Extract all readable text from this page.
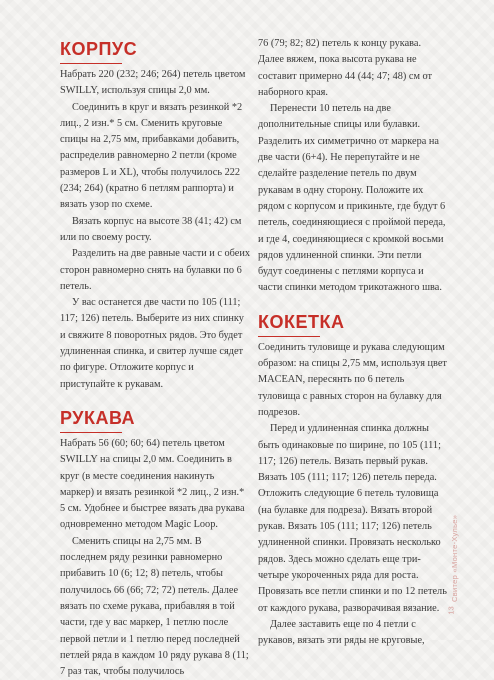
КОРПУС

Набрать 220 (232; 246; 264) петель цветом SWILLY, используя спицы 2,0 мм.

Соединить в круг и вязать резинкой *2 лиц., 2 изн.* 5 см. Сменить круговые спицы на 2,75 мм, прибавками добавить, распределив равномерно 2 петли (кроме размеров L и XL), чтобы получилось 222 (234; 264) (кратно 6 петлям раппорта) и вязать узор по схеме.

Вязать корпус на высоте 38 (41; 42) см или по своему росту.

Разделить на две равные части и с обеих сторон равномерно снять на булавки по 6 петель.

У вас останется две части по 105 (111; 117; 126) петель. Выберите из них спинку и свяжите 8 поворотных рядов. Это будет удлиненная спинка, и свитер лучше сядет по фигуре. Отложите корпус и приступайте к рукавам.

РУКАВА

Набрать 56 (60; 60; 64) петель цветом SWILLY на спицы 2,0 мм. Соединить в круг (в месте соединения накинуть маркер) и вязать резинкой *2 лиц., 2 изн.* 5 см. Удобнее и быстрее вязать два рукава одновременно методом Magic Loop.

Сменить спицы на 2,75 мм. В последнем ряду резинки равномерно прибавить 10 (6; 12; 8) петель, чтобы получилось 66 (66; 72; 72) петель. Далее вязать по схеме рукава, прибавляя в той части, где у вас маркер, 1 петлю после первой петли и 1 петлю перед последней петлей ряда в каждом 10 ряду рукава 8 (11; 7 раз так, чтобы получилось

76 (79; 82; 82) петель к концу рукава. Далее вяжем, пока высота рукава не составит примерно 44 (44; 47; 48) см от наборного края.

Перенести 10 петель на две дополнительные спицы или булавки. Разделить их симметрично от маркера на две части (6+4). Не перепутайте и не сделайте разделение петель по двум рукавам в одну сторону. Положите их рядом с корпусом и прикиньте, где будут 6 петель, соединяющиеся с проймой переда, и где 4, соединяющиеся с кромкой восьми рядов удлиненной спинки. Эти петли будут соединены с петлями корпуса и части спинки методом трикотажного шва.

КОКЕТКА

Соединить туловище и рукава следующим образом: на спицы 2,75 мм, используя цвет MACEAN, пересянть по 6 петель туловища с равных сторон на булавку для подрезов.

Перед и удлиненная спинка должны быть одинаковые по ширине, по 105 (111; 117; 126) петель. Вязать первый рукав. Вязать 105 (111; 117; 126) петель переда. Отложить следующие 6 петель туловища (на булавке для подреза). Вязать второй рукав. Вязать 105 (111; 117; 126) петель удлиненной спинки. Провязать несколько рядов. Здесь можно сделать еще три-четыре укороченных ряда для роста. Провязать все петли спинки и по 12 петель от каждого рукава, разворачивая вязание.

Далее заставить еще по 4 петли с рукавов, вязать эти ряды не круговые,

Свитер «Монте-Хулье»
13
